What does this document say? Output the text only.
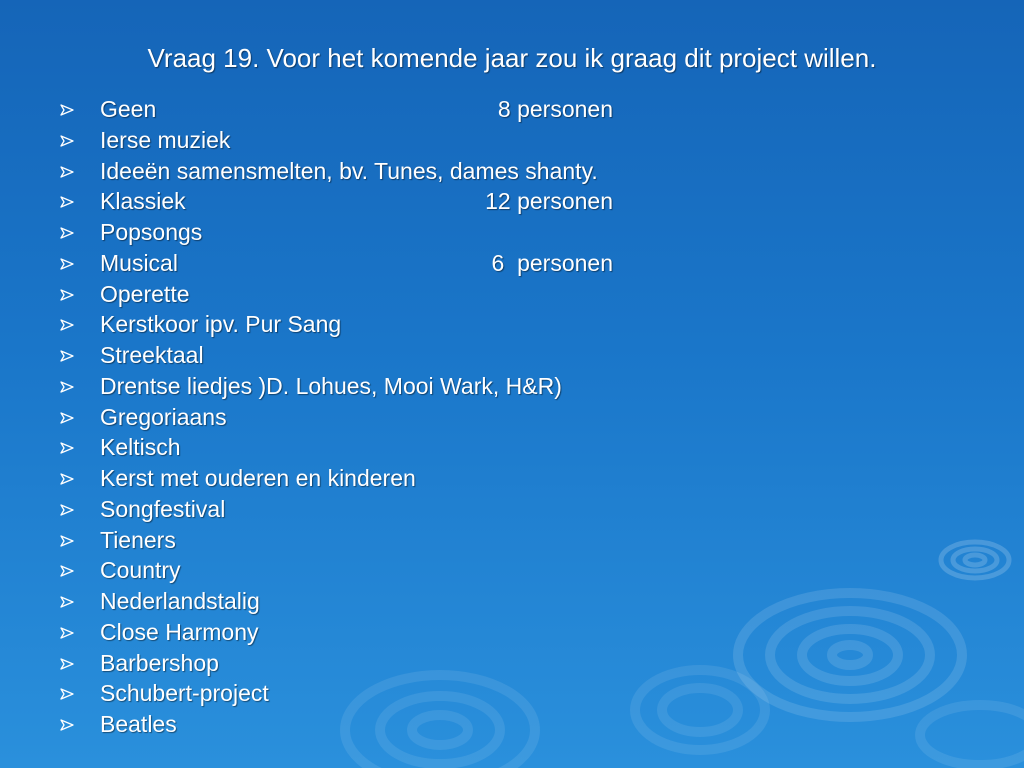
Vraag 19. Voor het komende jaar zou ik graag dit project willen.
Geen	8 personen
Ierse muziek
Ideeën samensmelten, bv. Tunes, dames shanty.
Klassiek	12 personen
Popsongs
Musical	6  personen
Operette
Kerstkoor ipv. Pur Sang
Streektaal
Drentse liedjes )D. Lohues, Mooi Wark, H&R)
Gregoriaans
Keltisch
Kerst met ouderen en kinderen
Songfestival
Tieners
Country
Nederlandstalig
Close Harmony
Barbershop
Schubert-project
Beatles
